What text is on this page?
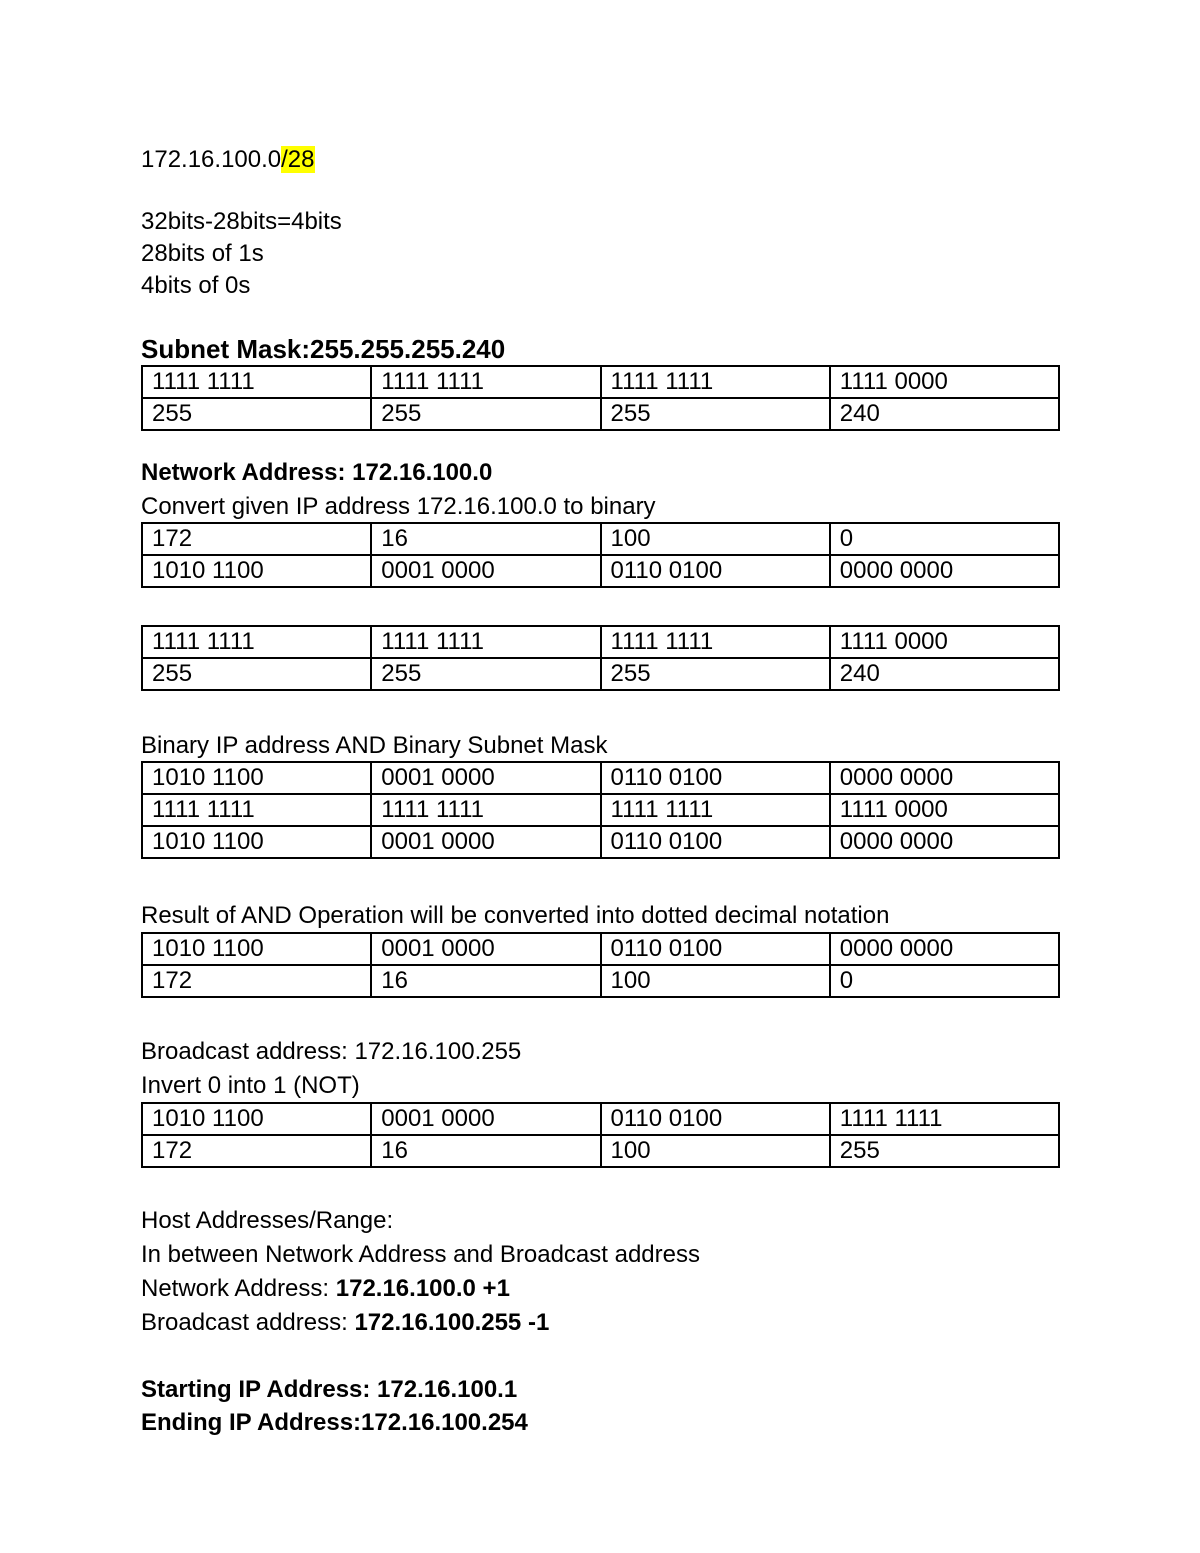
172.16.100.0/28
32bits-28bits=4bits
28bits of 1s
4bits of 0s
Subnet Mask:255.255.255.240
1111 1111	1111 1111	1111 1111	1111 0000
255	255	255	240
Network Address: 172.16.100.0
Convert given IP address 172.16.100.0 to binary
172	16	100	0
1010 1100	0001 0000	0110 0100	0000 0000
1111 1111	1111 1111	1111 1111	1111 0000
255	255	255	240
Binary IP address AND Binary Subnet Mask
1010 1100	0001 0000	0110 0100	0000 0000
1111 1111	1111 1111	1111 1111	1111 0000
1010 1100	0001 0000	0110 0100	0000 0000
Result of AND Operation will be converted into dotted decimal notation
1010 1100	0001 0000	0110 0100	0000 0000
172	16	100	0
Broadcast address: 172.16.100.255
Invert 0 into 1 (NOT)
1010 1100	0001 0000	0110 0100	1111 1111
172	16	100	255
Host Addresses/Range:
In between Network Address and Broadcast address
Network Address: 172.16.100.0 +1
Broadcast address: 172.16.100.255 -1
Starting IP Address: 172.16.100.1
Ending IP Address:172.16.100.254
